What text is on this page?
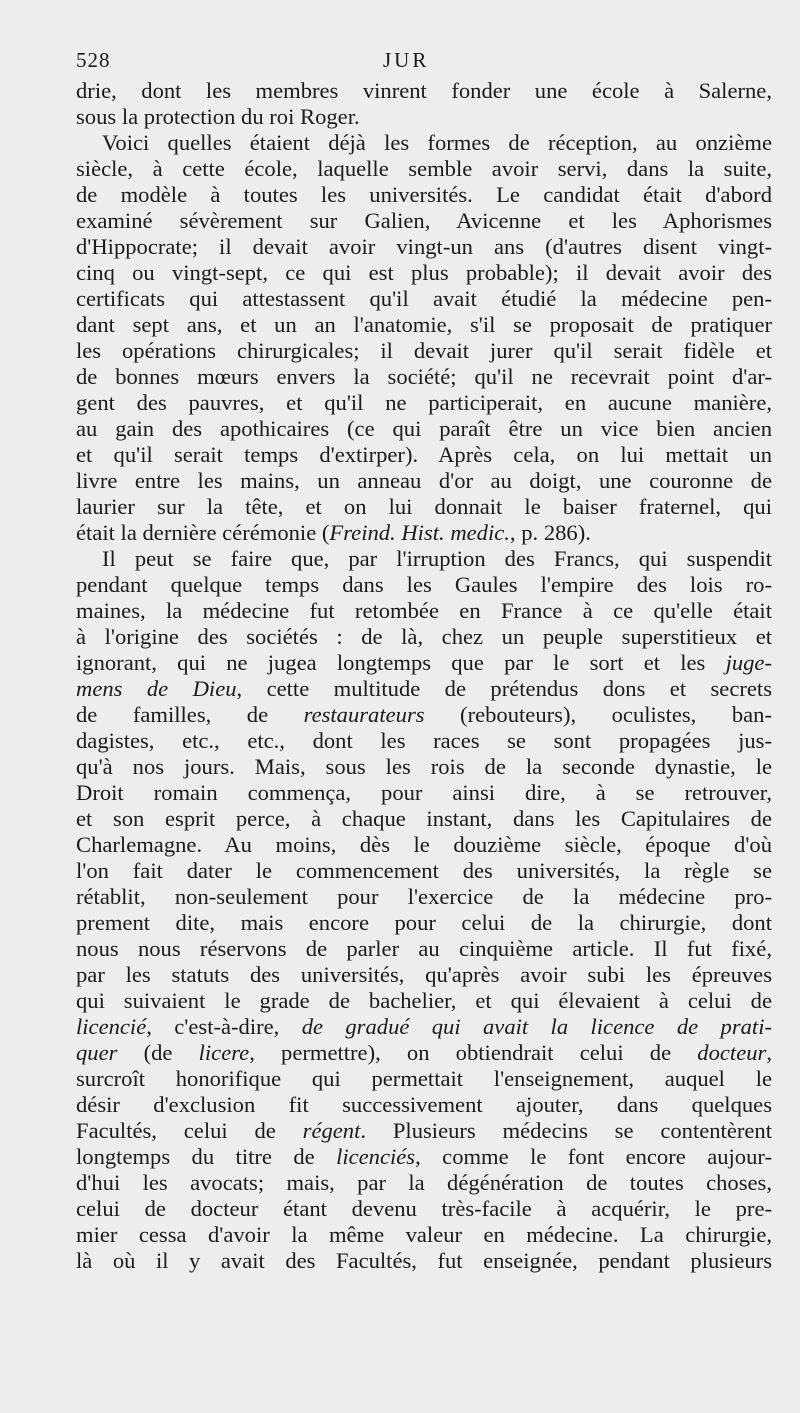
528	JUR
drie, dont les membres vinrent fonder une école à Salerne,
sous la protection du roi Roger.
Voici quelles étaient déjà les formes de réception, au onzième
siècle, à cette école, laquelle semble avoir servi, dans la suite,
de modèle à toutes les universités. Le candidat était d'abord
examiné sévèrement sur Galien, Avicenne et les Aphorismes
d'Hippocrate; il devait avoir vingt-un ans (d'autres disent vingt-
cinq ou vingt-sept, ce qui est plus probable); il devait avoir des
certificats qui attestassent qu'il avait étudié la médecine pen-
dant sept ans, et un an l'anatomie, s'il se proposait de pratiquer
les opérations chirurgicales; il devait jurer qu'il serait fidèle et
de bonnes mœurs envers la société; qu'il ne recevrait point d'ar-
gent des pauvres, et qu'il ne participerait, en aucune manière,
au gain des apothicaires (ce qui paraît être un vice bien ancien
et qu'il serait temps d'extirper). Après cela, on lui mettait un
livre entre les mains, un anneau d'or au doigt, une couronne de
laurier sur la tête, et on lui donnait le baiser fraternel, qui
était la dernière cérémonie (Freind. Hist. medic., p. 286).
Il peut se faire que, par l'irruption des Francs, qui suspendit
pendant quelque temps dans les Gaules l'empire des lois ro-
maines, la médecine fut retombée en France à ce qu'elle était
à l'origine des sociétés : de là, chez un peuple superstitieux et
ignorant, qui ne jugea longtemps que par le sort et les juge-
mens de Dieu, cette multitude de prétendus dons et secrets
de familles, de restaurateurs (rebouteurs), oculistes, ban-
dagistes, etc., etc., dont les races se sont propagées jus-
qu'à nos jours. Mais, sous les rois de la seconde dynastie, le
Droit romain commença, pour ainsi dire, à se retrouver,
et son esprit perce, à chaque instant, dans les Capitulaires de
Charlemagne. Au moins, dès le douzième siècle, époque d'où
l'on fait dater le commencement des universités, la règle se
rétablit, non-seulement pour l'exercice de la médecine pro-
prement dite, mais encore pour celui de la chirurgie, dont
nous nous réservons de parler au cinquième article. Il fut fixé,
par les statuts des universités, qu'après avoir subi les épreuves
qui suivaient le grade de bachelier, et qui élevaient à celui de
licencié, c'est-à-dire, de gradué qui avait la licence de prati-
quer (de licere, permettre), on obtiendrait celui de docteur,
surcroît honorifique qui permettait l'enseignement, auquel le
désir d'exclusion fit successivement ajouter, dans quelques
Facultés, celui de régent. Plusieurs médecins se contentèrent
longtemps du titre de licenciés, comme le font encore aujour-
d'hui les avocats; mais, par la dégénération de toutes choses,
celui de docteur étant devenu très-facile à acquérir, le pre-
mier cessa d'avoir la même valeur en médecine. La chirurgie,
là où il y avait des Facultés, fut enseignée, pendant plusieurs
